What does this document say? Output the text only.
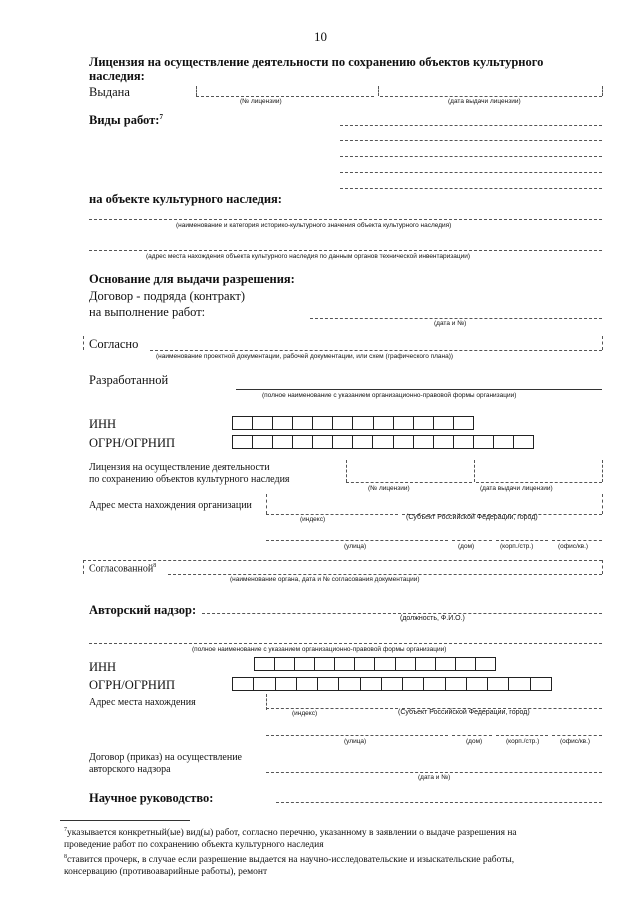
10
Лицензия на осуществление деятельности по сохранению объектов культурного
наследия:
Выдана
(№ лицензии)	(дата выдачи лицензии)
Виды работ:$^7$
на объекте культурного наследия:
(наименование и категория историко-культурного значения объекта культурного наследия)
(адрес места нахождения объекта культурного наследия по данным органов технической инвентаризации)
Основание для выдачи разрешения:
Договор - подряда (контракт)
на выполнение работ:
(дата и №)
Согласно
(наименование проектной документации, рабочей документации, или схем (графического плана))
Разработанной
(полное наименование с указанием организационно-правовой формы организации)
ИНН
ОГРН/ОГРНИП
Лицензия на осуществление деятельности
по сохранению объектов культурного наследия
(№ лицензии)	(дата выдачи лицензии)
Адрес места нахождения организации
(индекс)	(Субъект Российской Федерации, город)
(улица)	(дом)	(корп./стр.)	(офис/кв.)
Согласованной$^8$
(наименование органа, дата и № согласования документации)
Авторский надзор:
(должность, Ф.И.О.)
(полное наименование с указанием организационно-правовой формы организации)
ИНН
ОГРН/ОГРНИП
Адрес места нахождения
(индекс)	(Субъект Российской Федерации, город)
(улица)	(дом)	(корп./стр.)	(офис/кв.)
Договор (приказ) на осуществление
авторского надзора
(дата и №)
Научное руководство:
$^7$указывается конкретный(ые) вид(ы) работ, согласно перечню, указанному в заявлении о выдаче разрешения на
проведение работ по сохранению объекта культурного наследия
$^8$ставится прочерк, в случае если разрешение выдается на научно-исследовательские и изыскательские работы,
консервацию (противоаварийные работы), ремонт
